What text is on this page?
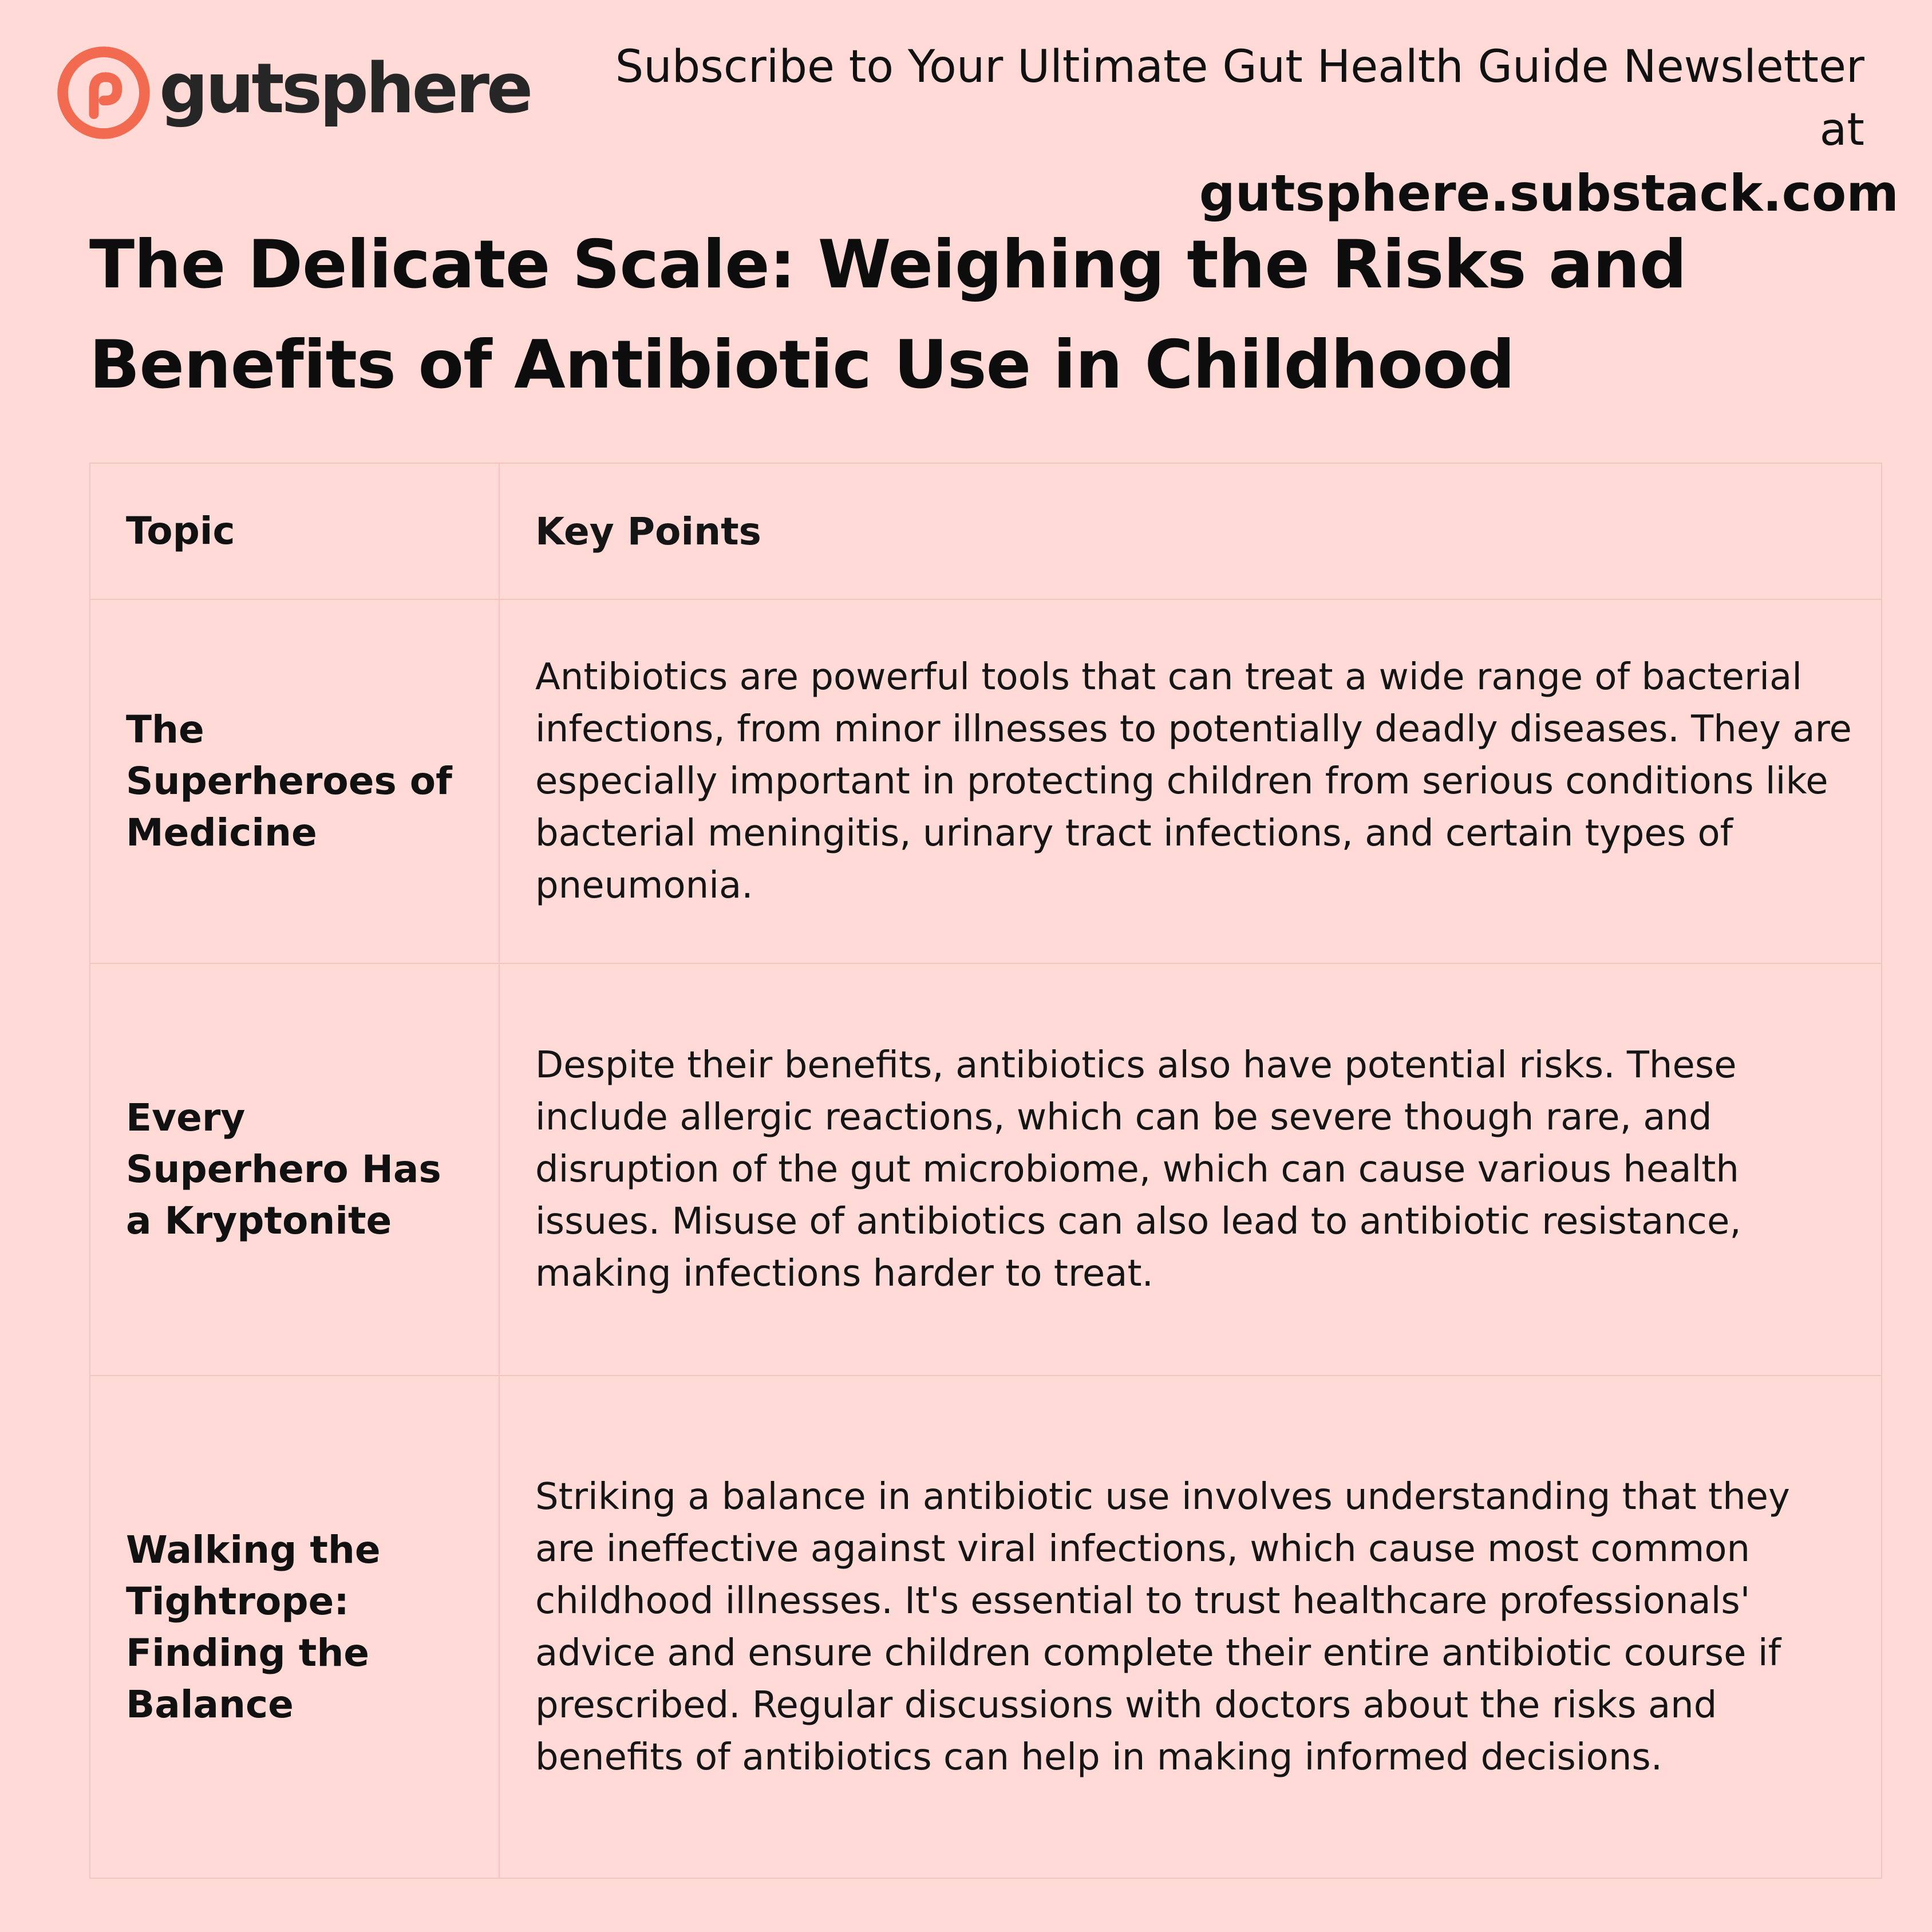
gutsphere	Subscribe to Your Ultimate Gut Health Guide Newsletter at
gutsphere.substack.com
The Delicate Scale: Weighing the Risks and Benefits of Antibiotic Use in Childhood
Topic	Key Points
The Superheroes of Medicine
Antibiotics are powerful tools that can treat a wide range of bacterial infections, from minor illnesses to potentially deadly diseases. They are especially important in protecting children from serious conditions like bacterial meningitis, urinary tract infections, and certain types of pneumonia.
Every Superhero Has a Kryptonite
Despite their benefits, antibiotics also have potential risks. These include allergic reactions, which can be severe though rare, and disruption of the gut microbiome, which can cause various health issues. Misuse of antibiotics can also lead to antibiotic resistance, making infections harder to treat.
Walking the Tightrope: Finding the Balance
Striking a balance in antibiotic use involves understanding that they are ineffective against viral infections, which cause most common childhood illnesses. It's essential to trust healthcare professionals' advice and ensure children complete their entire antibiotic course if prescribed. Regular discussions with doctors about the risks and benefits of antibiotics can help in making informed decisions.
